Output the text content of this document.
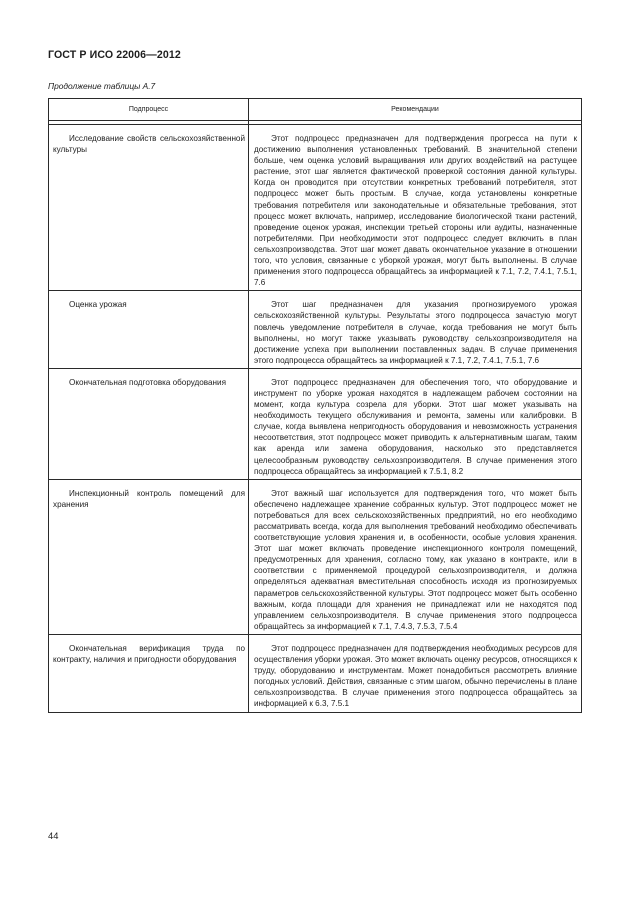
ГОСТ Р ИСО 22006—2012
Продолжение таблицы А.7
Подпроцесс	Рекомендации

Исследование свойств сельскохозяйственной культуры	Этот подпроцесс предназначен для подтверждения прогресса на пути к достижению выполнения установленных требований. В значительной степени больше, чем оценка условий выращивания или других воздействий на растущее растение, этот шаг является фактической проверкой состояния данной культуры. Когда он проводится при отсутствии конкретных требований потребителя, этот подпроцесс может быть простым. В случае, когда установлены конкретные требования потребителя или законодательные и обязательные требования, этот процесс может включать, например, исследование биологической ткани растений, проведение оценок урожая, инспекции третьей стороны или аудиты, назначенные потребителями. При необходимости этот подпроцесс следует включить в план сельхозпроизводства. Этот шаг может давать окончательное указание в отношении того, что условия, связанные с уборкой урожая, могут быть выполнены. В случае применения этого подпроцесса обращайтесь за информацией к 7.1, 7.2, 7.4.1, 7.5.1, 7.6
Оценка урожая	Этот шаг предназначен для указания прогнозируемого урожая сельскохозяйственной культуры. Результаты этого подпроцесса зачастую могут повлечь уведомление потребителя в случае, когда требования не могут быть выполнены, но могут также указывать руководству сельхозпроизводителя на достижение успеха при выполнении поставленных задач. В случае применения этого подпроцесса обращайтесь за информацией к 7.1, 7.2, 7.4.1, 7.5.1, 7.6
Окончательная подготовка оборудования	Этот подпроцесс предназначен для обеспечения того, что оборудование и инструмент по уборке урожая находятся в надлежащем рабочем состоянии на момент, когда культура созрела для уборки. Этот шаг может указывать на необходимость текущего обслуживания и ремонта, замены или калибровки. В случае, когда выявлена непригодность оборудования и невозможность устранения несоответствия, этот подпроцесс может приводить к альтернативным шагам, таким как аренда или замена оборудования, насколько это представляется целесообразным руководству сельхозпроизводителя. В случае применения этого подпроцесса обращайтесь за информацией к 7.5.1, 8.2
Инспекционный контроль помещений для хранения	Этот важный шаг используется для подтверждения того, что может быть обеспечено надлежащее хранение собранных культур. Этот подпроцесс может не потребоваться для всех сельскохозяйственных предприятий, но его необходимо рассматривать всегда, когда для выполнения требований необходимо обеспечивать соответствующие условия хранения и, в особенности, особые условия хранения. Этот шаг может включать проведение инспекционного контроля помещений, предусмотренных для хранения, согласно тому, как указано в контракте, или в соответствии с применяемой процедурой сельхозпроизводителя, и должна определяться адекватная вместительная способность исходя из прогнозируемых параметров сельскохозяйственной культуры. Этот подпроцесс может быть особенно важным, когда площади для хранения не принадлежат или не находятся под управлением сельхозпроизводителя. В случае применения этого подпроцесса обращайтесь за информацией к 7.1, 7.4.3, 7.5.3, 7.5.4
Окончательная верификация труда по контракту, наличия и пригодности оборудования	Этот подпроцесс предназначен для подтверждения необходимых ресурсов для осуществления уборки урожая. Это может включать оценку ресурсов, относящихся к труду, оборудованию и инструментам. Может понадобиться рассмотреть влияние погодных условий. Действия, связанные с этим шагом, обычно перечислены в плане сельхозпроизводства. В случае применения этого подпроцесса обращайтесь за информацией к 6.3, 7.5.1
44
